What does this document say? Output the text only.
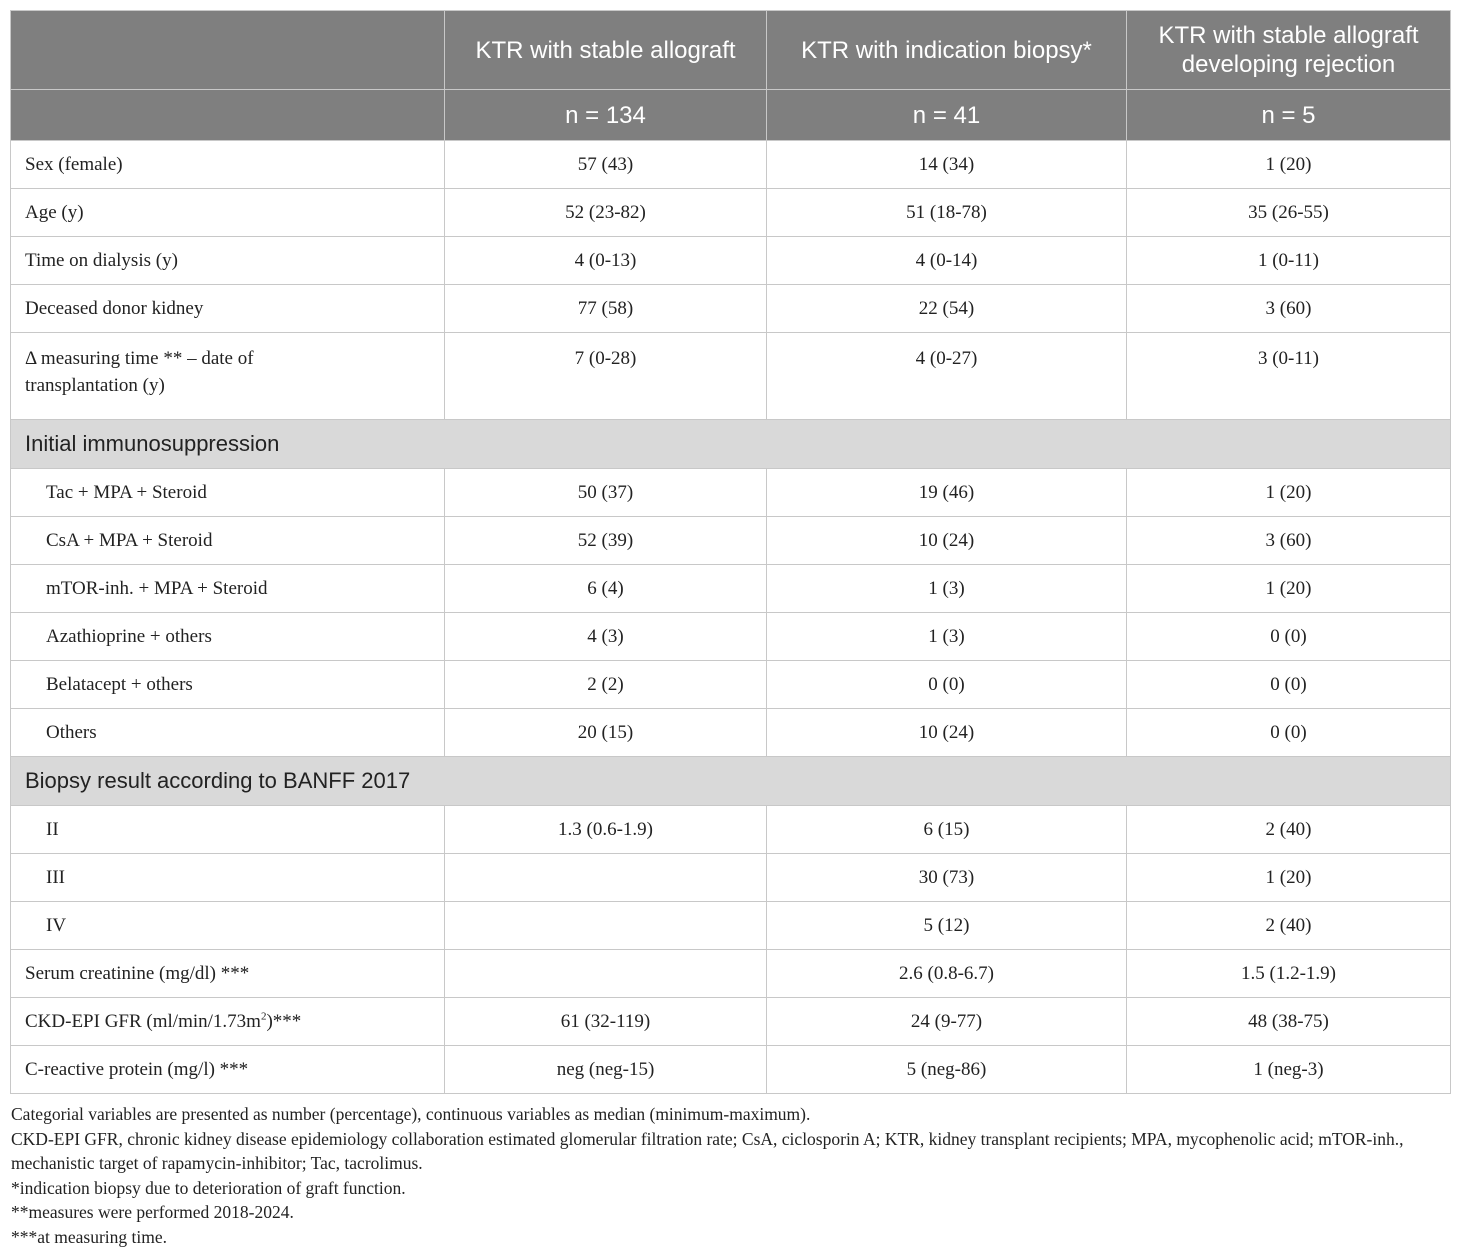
	KTR with stable allograft	KTR with indication biopsy*	KTR with stable allograft developing rejection
	n = 134	n = 41	n = 5
Sex (female)	57 (43)	14 (34)	1 (20)
Age (y)	52 (23-82)	51 (18-78)	35 (26-55)
Time on dialysis (y)	4 (0-13)	4 (0-14)	1 (0-11)
Deceased donor kidney	77 (58)	22 (54)	3 (60)
Δ measuring time ** – date of transplantation (y)	7 (0-28)	4 (0-27)	3 (0-11)
Initial immunosuppression			
Tac + MPA + Steroid	50 (37)	19 (46)	1 (20)
CsA + MPA + Steroid	52 (39)	10 (24)	3 (60)
mTOR-inh. + MPA + Steroid	6 (4)	1 (3)	1 (20)
Azathioprine + others	4 (3)	1 (3)	0 (0)
Belatacept + others	2 (2)	0 (0)	0 (0)
Others	20 (15)	10 (24)	0 (0)
Biopsy result according to BANFF 2017			
II	1.3 (0.6-1.9)	6 (15)	2 (40)
III		30 (73)	1 (20)
IV		5 (12)	2 (40)
Serum creatinine (mg/dl) ***		2.6 (0.8-6.7)	1.5 (1.2-1.9)
CKD-EPI GFR $(ml/\min/1.73m^2)***$	61 (32-119)	24 (9-77)	48 (38-75)
C-reactive protein (mg/l) ***	neg (neg-15)	5 (neg-86)	1 (neg-3)
Categorial variables are presented as number (percentage), continuous variables as median (minimum-maximum).
CKD-EPI GFR, chronic kidney disease epidemiology collaboration estimated glomerular filtration rate; CsA, ciclosporin A; KTR, kidney transplant recipients; MPA, mycophenolic acid; mTOR-inh., mechanistic target of rapamycin-inhibitor; Tac, tacrolimus.
*indication biopsy due to deterioration of graft function.
**measures were performed 2018-2024.
***at measuring time.
